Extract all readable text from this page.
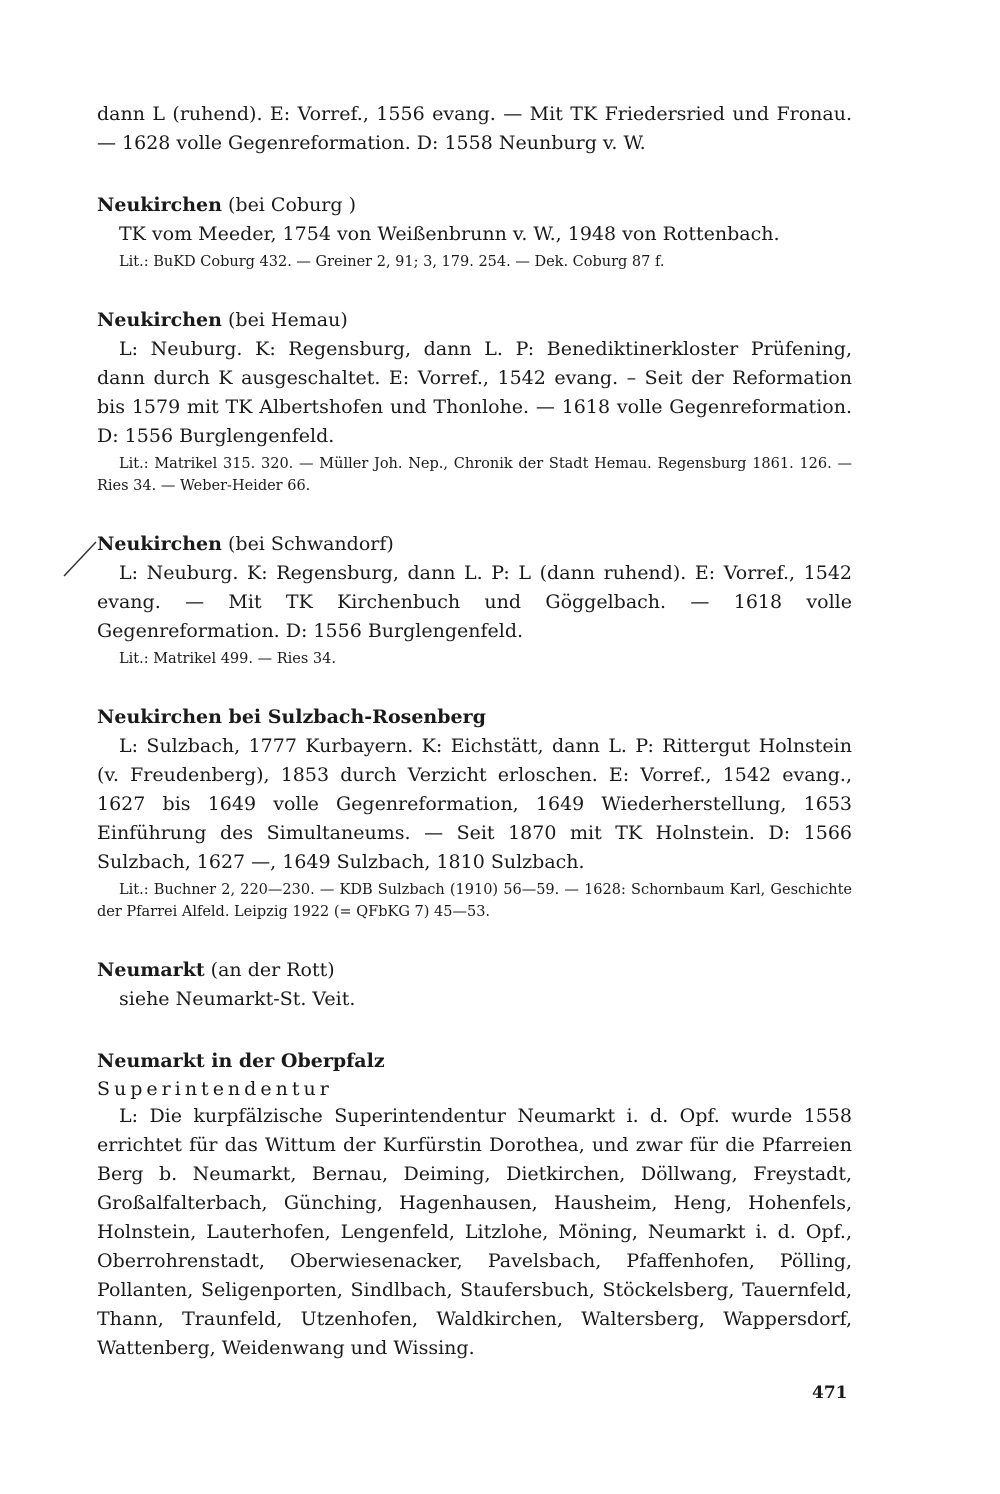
dann L (ruhend). E: Vorref., 1556 evang. — Mit TK Friedersried und Fronau. — 1628 volle Gegenreformation. D: 1558 Neunburg v. W.

Neukirchen (bei Coburg )

TK vom Meeder, 1754 von Weißenbrunn v. W., 1948 von Rottenbach.

Lit.: BuKD Coburg 432. — Greiner 2, 91; 3, 179. 254. — Dek. Coburg 87 f.

Neukirchen (bei Hemau)

L: Neuburg. K: Regensburg, dann L. P: Benediktinerkloster Prüfening, dann durch K ausgeschaltet. E: Vorref., 1542 evang. – Seit der Reformation bis 1579 mit TK Albertshofen und Thonlohe. — 1618 volle Gegenreformation. D: 1556 Burglengenfeld.

Lit.: Matrikel 315. 320. — Müller Joh. Nep., Chronik der Stadt Hemau. Regensburg 1861. 126. — Ries 34. — Weber-Heider 66.

Neukirchen (bei Schwandorf)

L: Neuburg. K: Regensburg, dann L. P: L (dann ruhend). E: Vorref., 1542 evang. — Mit TK Kirchenbuch und Göggelbach. — 1618 volle Gegenreformation. D: 1556 Burglengenfeld.

Lit.: Matrikel 499. — Ries 34.

Neukirchen bei Sulzbach-Rosenberg

L: Sulzbach, 1777 Kurbayern. K: Eichstätt, dann L. P: Rittergut Holnstein (v. Freudenberg), 1853 durch Verzicht erloschen. E: Vorref., 1542 evang., 1627 bis 1649 volle Gegenreformation, 1649 Wiederherstellung, 1653 Einführung des Simultaneums. — Seit 1870 mit TK Holnstein. D: 1566 Sulzbach, 1627 —, 1649 Sulzbach, 1810 Sulzbach.

Lit.: Buchner 2, 220—230. — KDB Sulzbach (1910) 56—59. — 1628: Schornbaum Karl, Geschichte der Pfarrei Alfeld. Leipzig 1922 (= QFbKG 7) 45—53.

Neumarkt (an der Rott)

siehe Neumarkt-St. Veit.

Neumarkt in der Oberpfalz

Superintendentur

L: Die kurpfälzische Superintendentur Neumarkt i. d. Opf. wurde 1558 errichtet für das Wittum der Kurfürstin Dorothea, und zwar für die Pfarreien Berg b. Neumarkt, Bernau, Deiming, Dietkirchen, Döllwang, Freystadt, Großalfalterbach, Günching, Hagenhausen, Hausheim, Heng, Hohenfels, Holnstein, Lauterhofen, Lengenfeld, Litzlohe, Möning, Neumarkt i. d. Opf., Oberrohrenstadt, Oberwiesenacker, Pavelsbach, Pfaffenhofen, Pölling, Pollanten, Seligenporten, Sindlbach, Staufersbuch, Stöckelsberg, Tauernfeld, Thann, Traunfeld, Utzenhofen, Waldkirchen, Waltersberg, Wappersdorf, Wattenberg, Weidenwang und Wissing.

471
